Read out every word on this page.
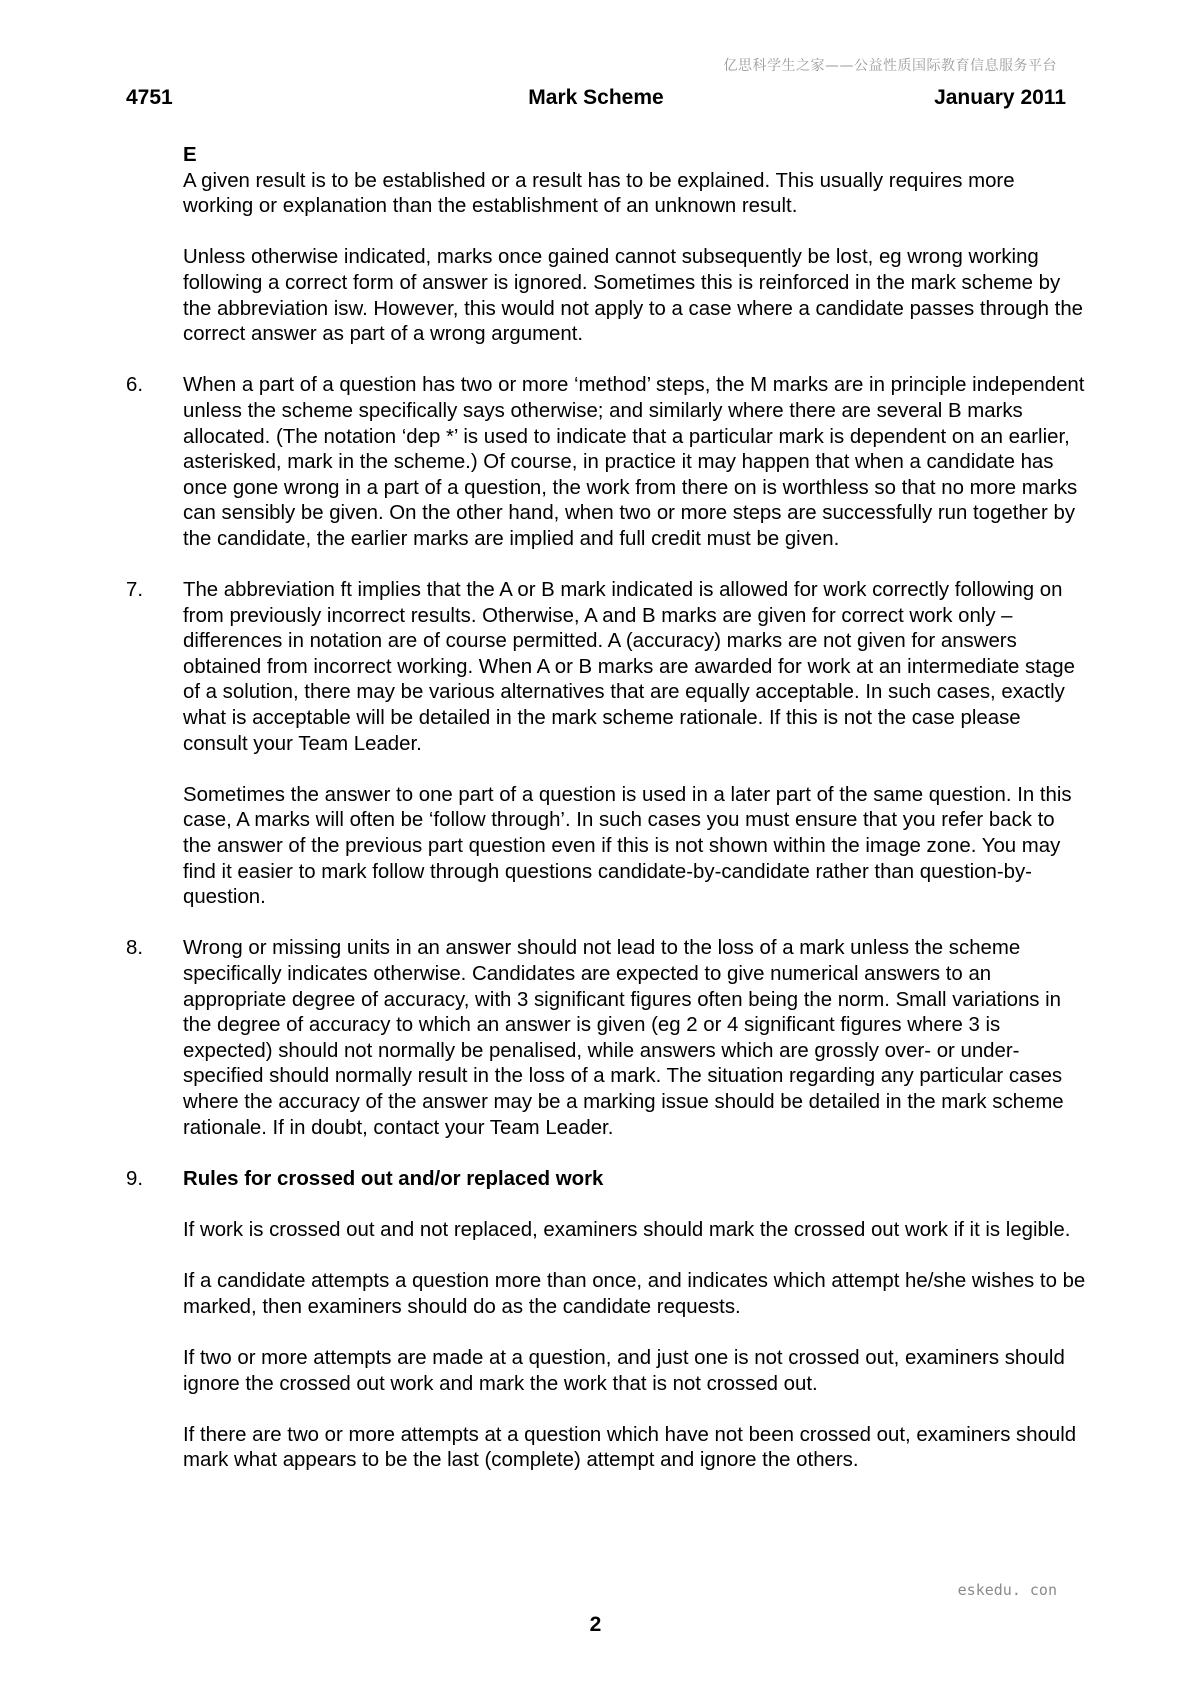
亿思科学生之家——公益性质国际教育信息服务平台
4751	Mark Scheme	January 2011

E

A given result is to be established or a result has to be explained. This usually requires more working or explanation than the establishment of an unknown result.

Unless otherwise indicated, marks once gained cannot subsequently be lost, eg wrong working following a correct form of answer is ignored. Sometimes this is reinforced in the mark scheme by the abbreviation isw. However, this would not apply to a case where a candidate passes through the correct answer as part of a wrong argument.

6. When a part of a question has two or more ‘method’ steps, the M marks are in principle independent unless the scheme specifically says otherwise; and similarly where there are several B marks allocated. (The notation ‘dep *’ is used to indicate that a particular mark is dependent on an earlier, asterisked, mark in the scheme.) Of course, in practice it may happen that when a candidate has once gone wrong in a part of a question, the work from there on is worthless so that no more marks can sensibly be given. On the other hand, when two or more steps are successfully run together by the candidate, the earlier marks are implied and full credit must be given.

7. The abbreviation ft implies that the A or B mark indicated is allowed for work correctly following on from previously incorrect results. Otherwise, A and B marks are given for correct work only – differences in notation are of course permitted. A (accuracy) marks are not given for answers obtained from incorrect working. When A or B marks are awarded for work at an intermediate stage of a solution, there may be various alternatives that are equally acceptable. In such cases, exactly what is acceptable will be detailed in the mark scheme rationale. If this is not the case please consult your Team Leader.

Sometimes the answer to one part of a question is used in a later part of the same question. In this case, A marks will often be ‘follow through’. In such cases you must ensure that you refer back to the answer of the previous part question even if this is not shown within the image zone. You may find it easier to mark follow through questions candidate-by-candidate rather than question-by-question.

8. Wrong or missing units in an answer should not lead to the loss of a mark unless the scheme specifically indicates otherwise. Candidates are expected to give numerical answers to an appropriate degree of accuracy, with 3 significant figures often being the norm. Small variations in the degree of accuracy to which an answer is given (eg 2 or 4 significant figures where 3 is expected) should not normally be penalised, while answers which are grossly over- or under-specified should normally result in the loss of a mark. The situation regarding any particular cases where the accuracy of the answer may be a marking issue should be detailed in the mark scheme rationale. If in doubt, contact your Team Leader.

9. Rules for crossed out and/or replaced work

If work is crossed out and not replaced, examiners should mark the crossed out work if it is legible.

If a candidate attempts a question more than once, and indicates which attempt he/she wishes to be marked, then examiners should do as the candidate requests.

If two or more attempts are made at a question, and just one is not crossed out, examiners should ignore the crossed out work and mark the work that is not crossed out.

If there are two or more attempts at a question which have not been crossed out, examiners should mark what appears to be the last (complete) attempt and ignore the others.

eskedu. con
2
